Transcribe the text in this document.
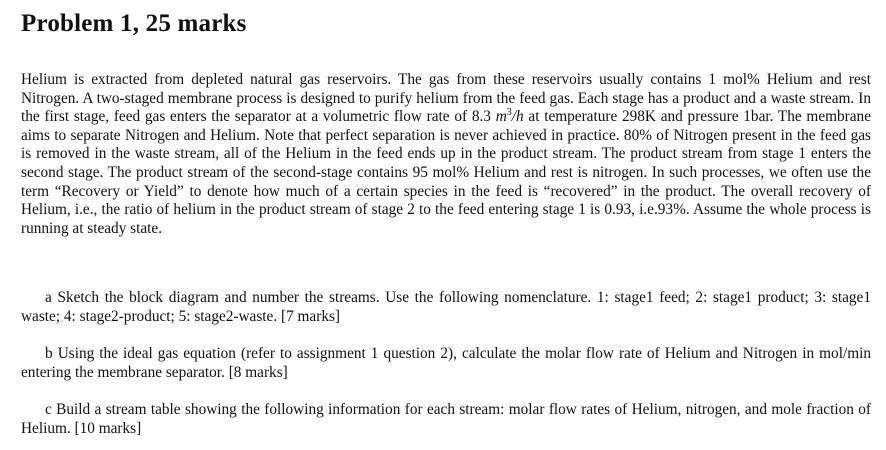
Problem 1, 25 marks

Helium is extracted from depleted natural gas reservoirs. The gas from these reservoirs usually contains 1 mol% Helium and rest Nitrogen. A two-staged membrane process is designed to purify helium from the feed gas. Each stage has a product and a waste stream. In the first stage, feed gas enters the separator at a volumetric flow rate of 8.3 $m^3/h$ at temperature 298K and pressure 1bar. The membrane aims to separate Nitrogen and Helium. Note that perfect separation is never achieved in practice. 80% of Nitrogen present in the feed gas is removed in the waste stream, all of the Helium in the feed ends up in the product stream. The product stream from stage 1 enters the second stage. The product stream of the second-stage contains 95 mol% Helium and rest is nitrogen. In such processes, we often use the term “Recovery or Yield” to denote how much of a certain species in the feed is “recovered” in the product. The overall recovery of Helium, i.e., the ratio of helium in the product stream of stage 2 to the feed entering stage 1 is 0.93, i.e.93%. Assume the whole process is running at steady state.

a Sketch the block diagram and number the streams. Use the following nomenclature. 1: stage1 feed; 2: stage1 product; 3: stage1 waste; 4: stage2-product; 5: stage2-waste. [7 marks]

b Using the ideal gas equation (refer to assignment 1 question 2), calculate the molar flow rate of Helium and Nitrogen in mol/min entering the membrane separator. [8 marks]

c Build a stream table showing the following information for each stream: molar flow rates of Helium, nitrogen, and mole fraction of Helium. [10 marks]
